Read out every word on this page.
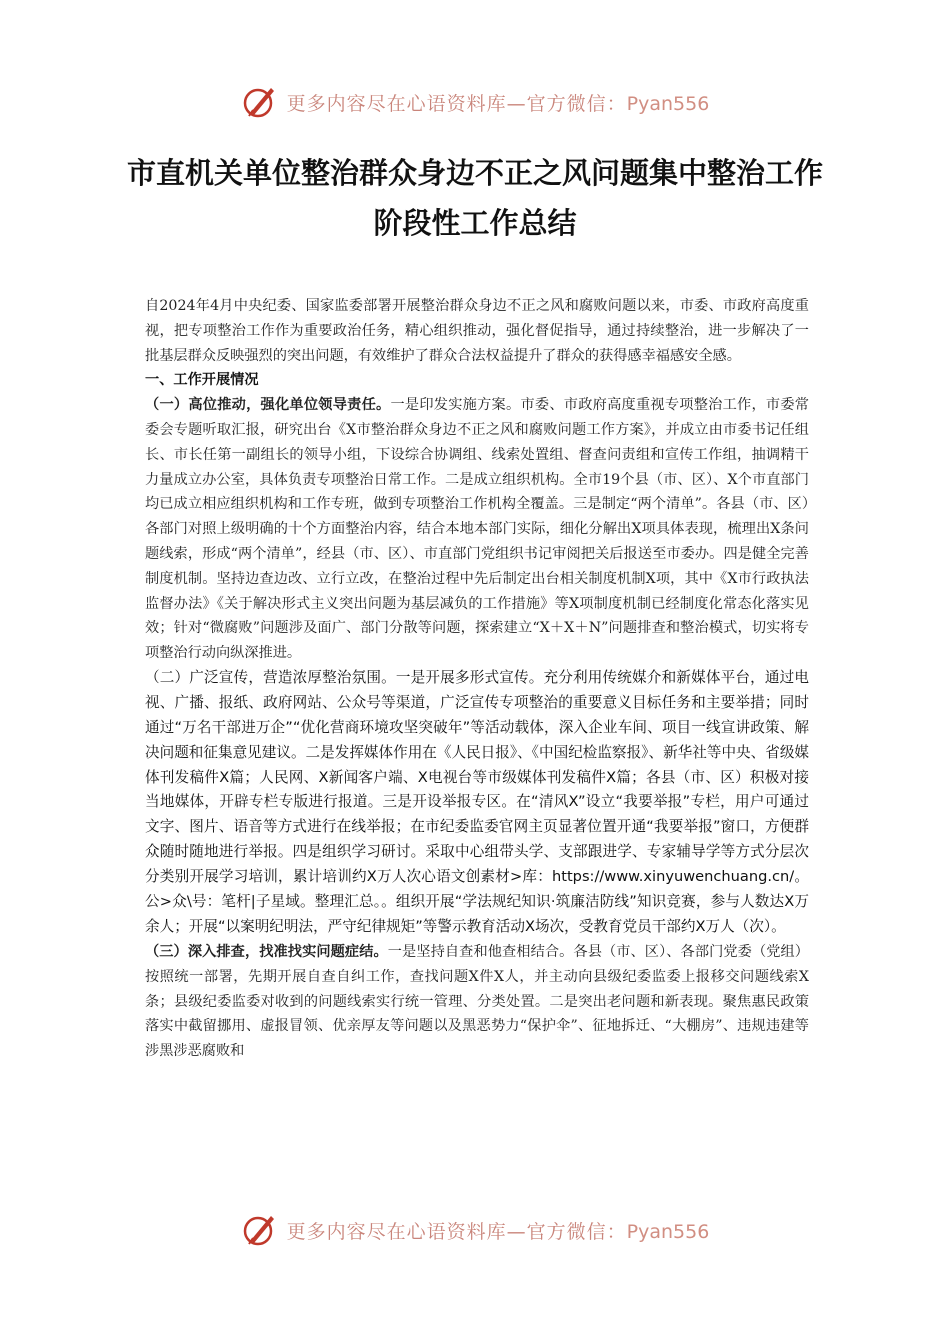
更多内容尽在心语资料库—官方微信：Pyan556
市直机关单位整治群众身边不正之风问题集中整治工作阶段性工作总结

自2024年4月中央纪委、国家监委部署开展整治群众身边不正之风和腐败问题以来，市委、市政府高度重视，把专项整治工作作为重要政治任务，精心组织推动，强化督促指导，通过持续整治，进一步解决了一批基层群众反映强烈的突出问题，有效维护了群众合法权益提升了群众的获得感幸福感安全感。

一、工作开展情况

（一）高位推动，强化单位领导责任。一是印发实施方案。市委、市政府高度重视专项整治工作，市委常委会专题听取汇报，研究出台《X市整治群众身边不正之风和腐败问题工作方案》，并成立由市委书记任组长、市长任第一副组长的领导小组，下设综合协调组、线索处置组、督查问责组和宣传工作组，抽调精干力量成立办公室，具体负责专项整治日常工作。二是成立组织机构。全市19个县（市、区）、X个市直部门均已成立相应组织机构和工作专班，做到专项整治工作机构全覆盖。三是制定“两个清单”。各县（市、区）各部门对照上级明确的十个方面整治内容，结合本地本部门实际，细化分解出X项具体表现，梳理出X条问题线索，形成“两个清单”，经县（市、区）、市直部门党组织书记审阅把关后报送至市委办。四是健全完善制度机制。坚持边查边改、立行立改，在整治过程中先后制定出台相关制度机制X项，其中《X市行政执法监督办法》《关于解决形式主义突出问题为基层减负的工作措施》等X项制度机制已经制度化常态化落实见效；针对“微腐败”问题涉及面广、部门分散等问题，探索建立“X＋X＋N”问题排查和整治模式，切实将专项整治行动向纵深推进。

（二）广泛宣传，营造浓厚整治氛围。一是开展多形式宣传。充分利用传统媒介和新媒体平台，通过电视、广播、报纸、政府网站、公众号等渠道，广泛宣传专项整治的重要意义目标任务和主要举措；同时通过“万名干部进万企”“优化营商环境攻坚突破年”等活动载体，深入企业车间、项目一线宣讲政策、解决问题和征集意见建议。二是发挥媒体作用在《人民日报》、《中国纪检监察报》、新华社等中央、省级媒体刊发稿件X篇；人民网、X新闻客户端、X电视台等市级媒体刊发稿件X篇；各县（市、区）积极对接当地媒体，开辟专栏专版进行报道。三是开设举报专区。在“清风X”设立“我要举报”专栏，用户可通过文字、图片、语音等方式进行在线举报；在市纪委监委官网主页显著位置开通“我要举报”窗口，方便群众随时随地进行举报。四是组织学习研讨。采取中心组带头学、支部跟进学、专家辅导学等方式分层次分类别开展学习培训，累计培训约X万人次心语文创素材>库：https://www.xinyuwenchuang.cn/。公>众\号：笔杆|子星域。整理汇总。。组织开展“学法规纪知识·筑廉洁防线”知识竞赛，参与人数达X万余人；开展“以案明纪明法，严守纪律规矩”等警示教育活动X场次，受教育党员干部约X万人（次）。

（三）深入排查，找准找实问题症结。一是坚持自查和他查相结合。各县（市、区）、各部门党委（党组）按照统一部署，先期开展自查自纠工作，查找问题X件X人，并主动向县级纪委监委上报移交问题线索X条；县级纪委监委对收到的问题线索实行统一管理、分类处置。二是突出老问题和新表现。聚焦惠民政策落实中截留挪用、虚报冒领、优亲厚友等问题以及黑恶势力“保护伞”、征地拆迁、“大棚房”、违规违建等涉黑涉恶腐败和

更多内容尽在心语资料库—官方微信：Pyan556
